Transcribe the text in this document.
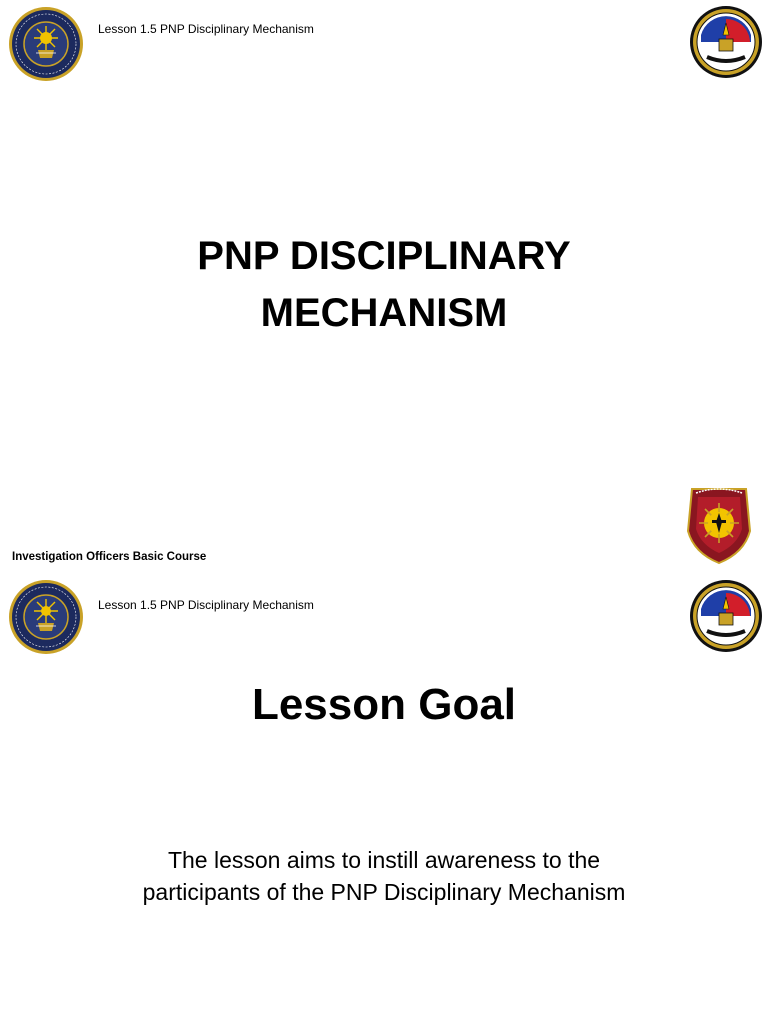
Lesson 1.5 PNP Disciplinary Mechanism
PNP DISCIPLINARY
MECHANISM
Investigation Officers Basic Course
Lesson 1.5 PNP Disciplinary Mechanism
Lesson Goal
The lesson aims to instill awareness to the
participants of the PNP Disciplinary Mechanism
